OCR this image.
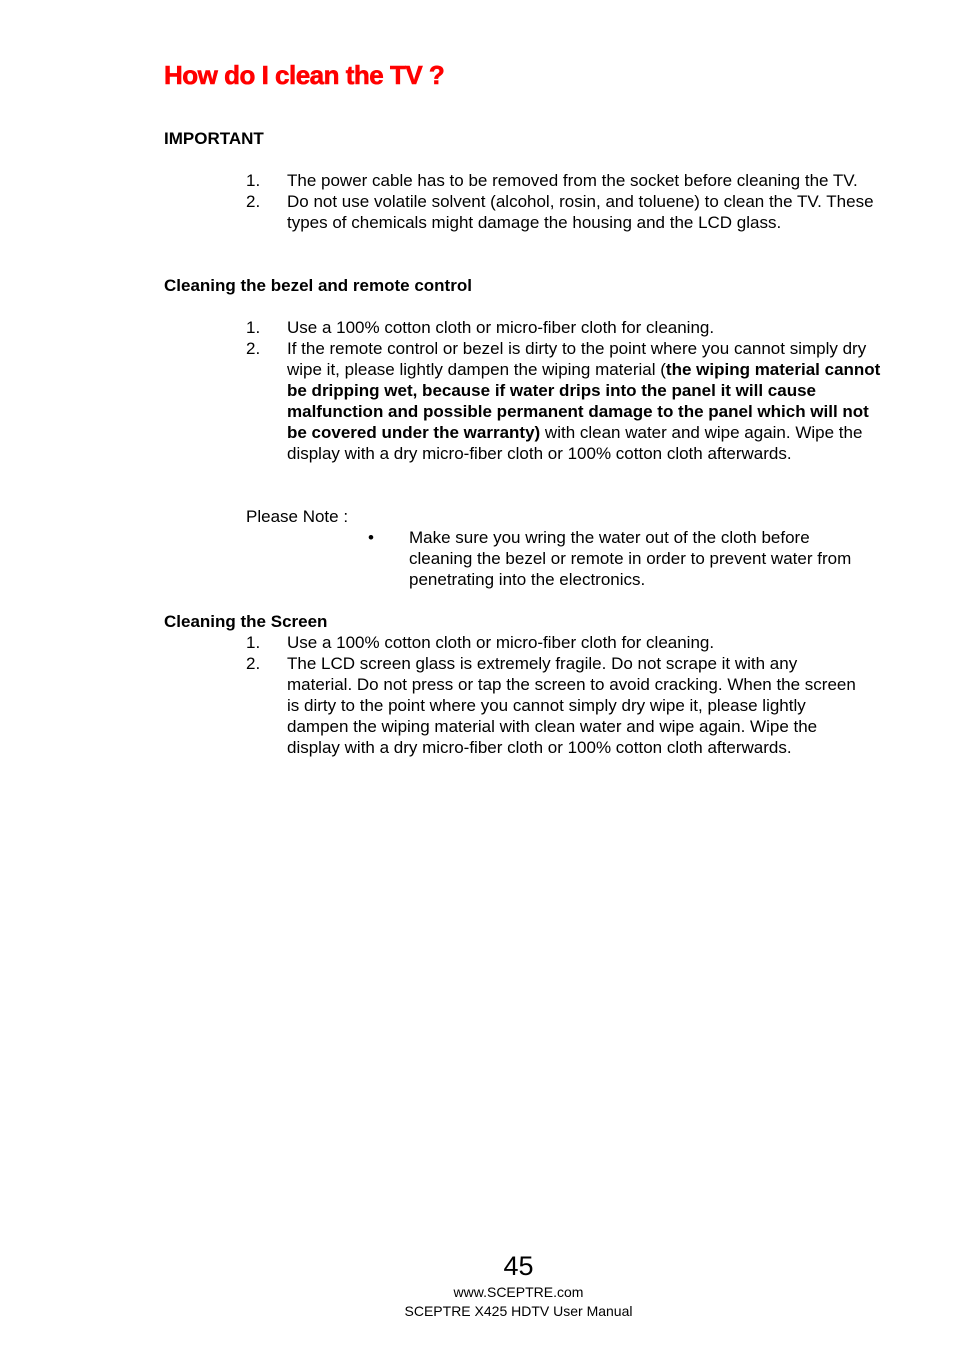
How do I clean the TV ?
IMPORTANT
1. The power cable has to be removed from the socket before cleaning the TV.
2. Do not use volatile solvent (alcohol, rosin, and toluene) to clean the TV. These types of chemicals might damage the housing and the LCD glass.
Cleaning the bezel and remote control
1. Use a 100% cotton cloth or micro-fiber cloth for cleaning.
2. If the remote control or bezel is dirty to the point where you cannot simply dry wipe it, please lightly dampen the wiping material (the wiping material cannot be dripping wet, because if water drips into the panel it will cause malfunction and possible permanent damage to the panel which will not be covered under the warranty) with clean water and wipe again. Wipe the display with a dry micro-fiber cloth or 100% cotton cloth afterwards.
Please Note :
• Make sure you wring the water out of the cloth before cleaning the bezel or remote in order to prevent water from penetrating into the electronics.
Cleaning the Screen
1. Use a 100% cotton cloth or micro-fiber cloth for cleaning.
2. The LCD screen glass is extremely fragile. Do not scrape it with any material. Do not press or tap the screen to avoid cracking. When the screen is dirty to the point where you cannot simply dry wipe it, please lightly dampen the wiping material with clean water and wipe again. Wipe the display with a dry micro-fiber cloth or 100% cotton cloth afterwards.
45
www.SCEPTRE.com
SCEPTRE X425 HDTV User Manual
